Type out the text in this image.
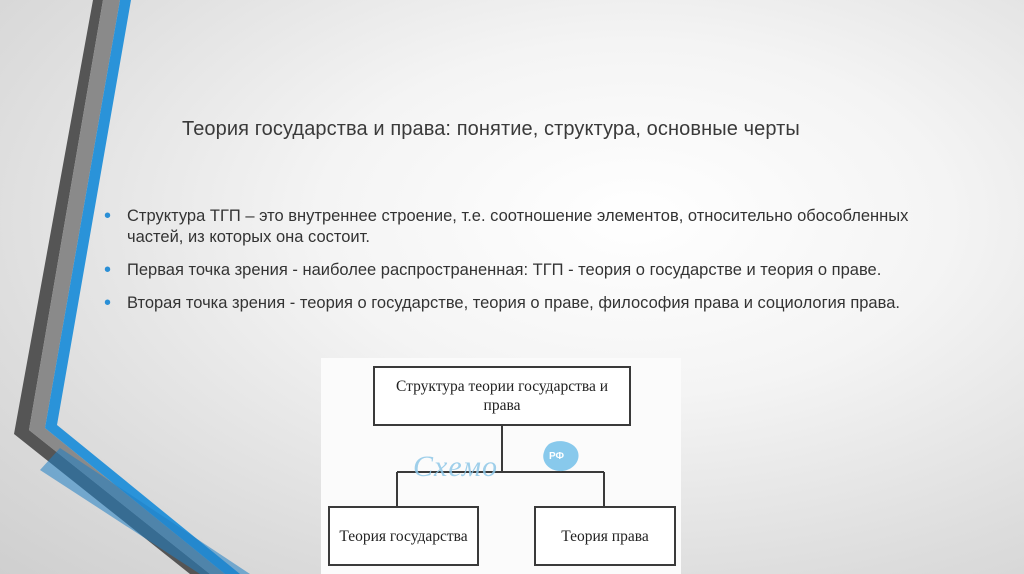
Теория государства и права: понятие, структура, основные черты
• Структура ТГП – это внутреннее строение, т.е. соотношение элементов, относительно обособленных частей, из которых она состоит.
• Первая точка зрения - наиболее распространенная: ТГП - теория о государстве и теория о праве.
• Вторая точка зрения - теория о государстве, теория о праве, философия права и социология права.
Схемо	РФ
Структура теории государства и права
Теория государства	Теория права
